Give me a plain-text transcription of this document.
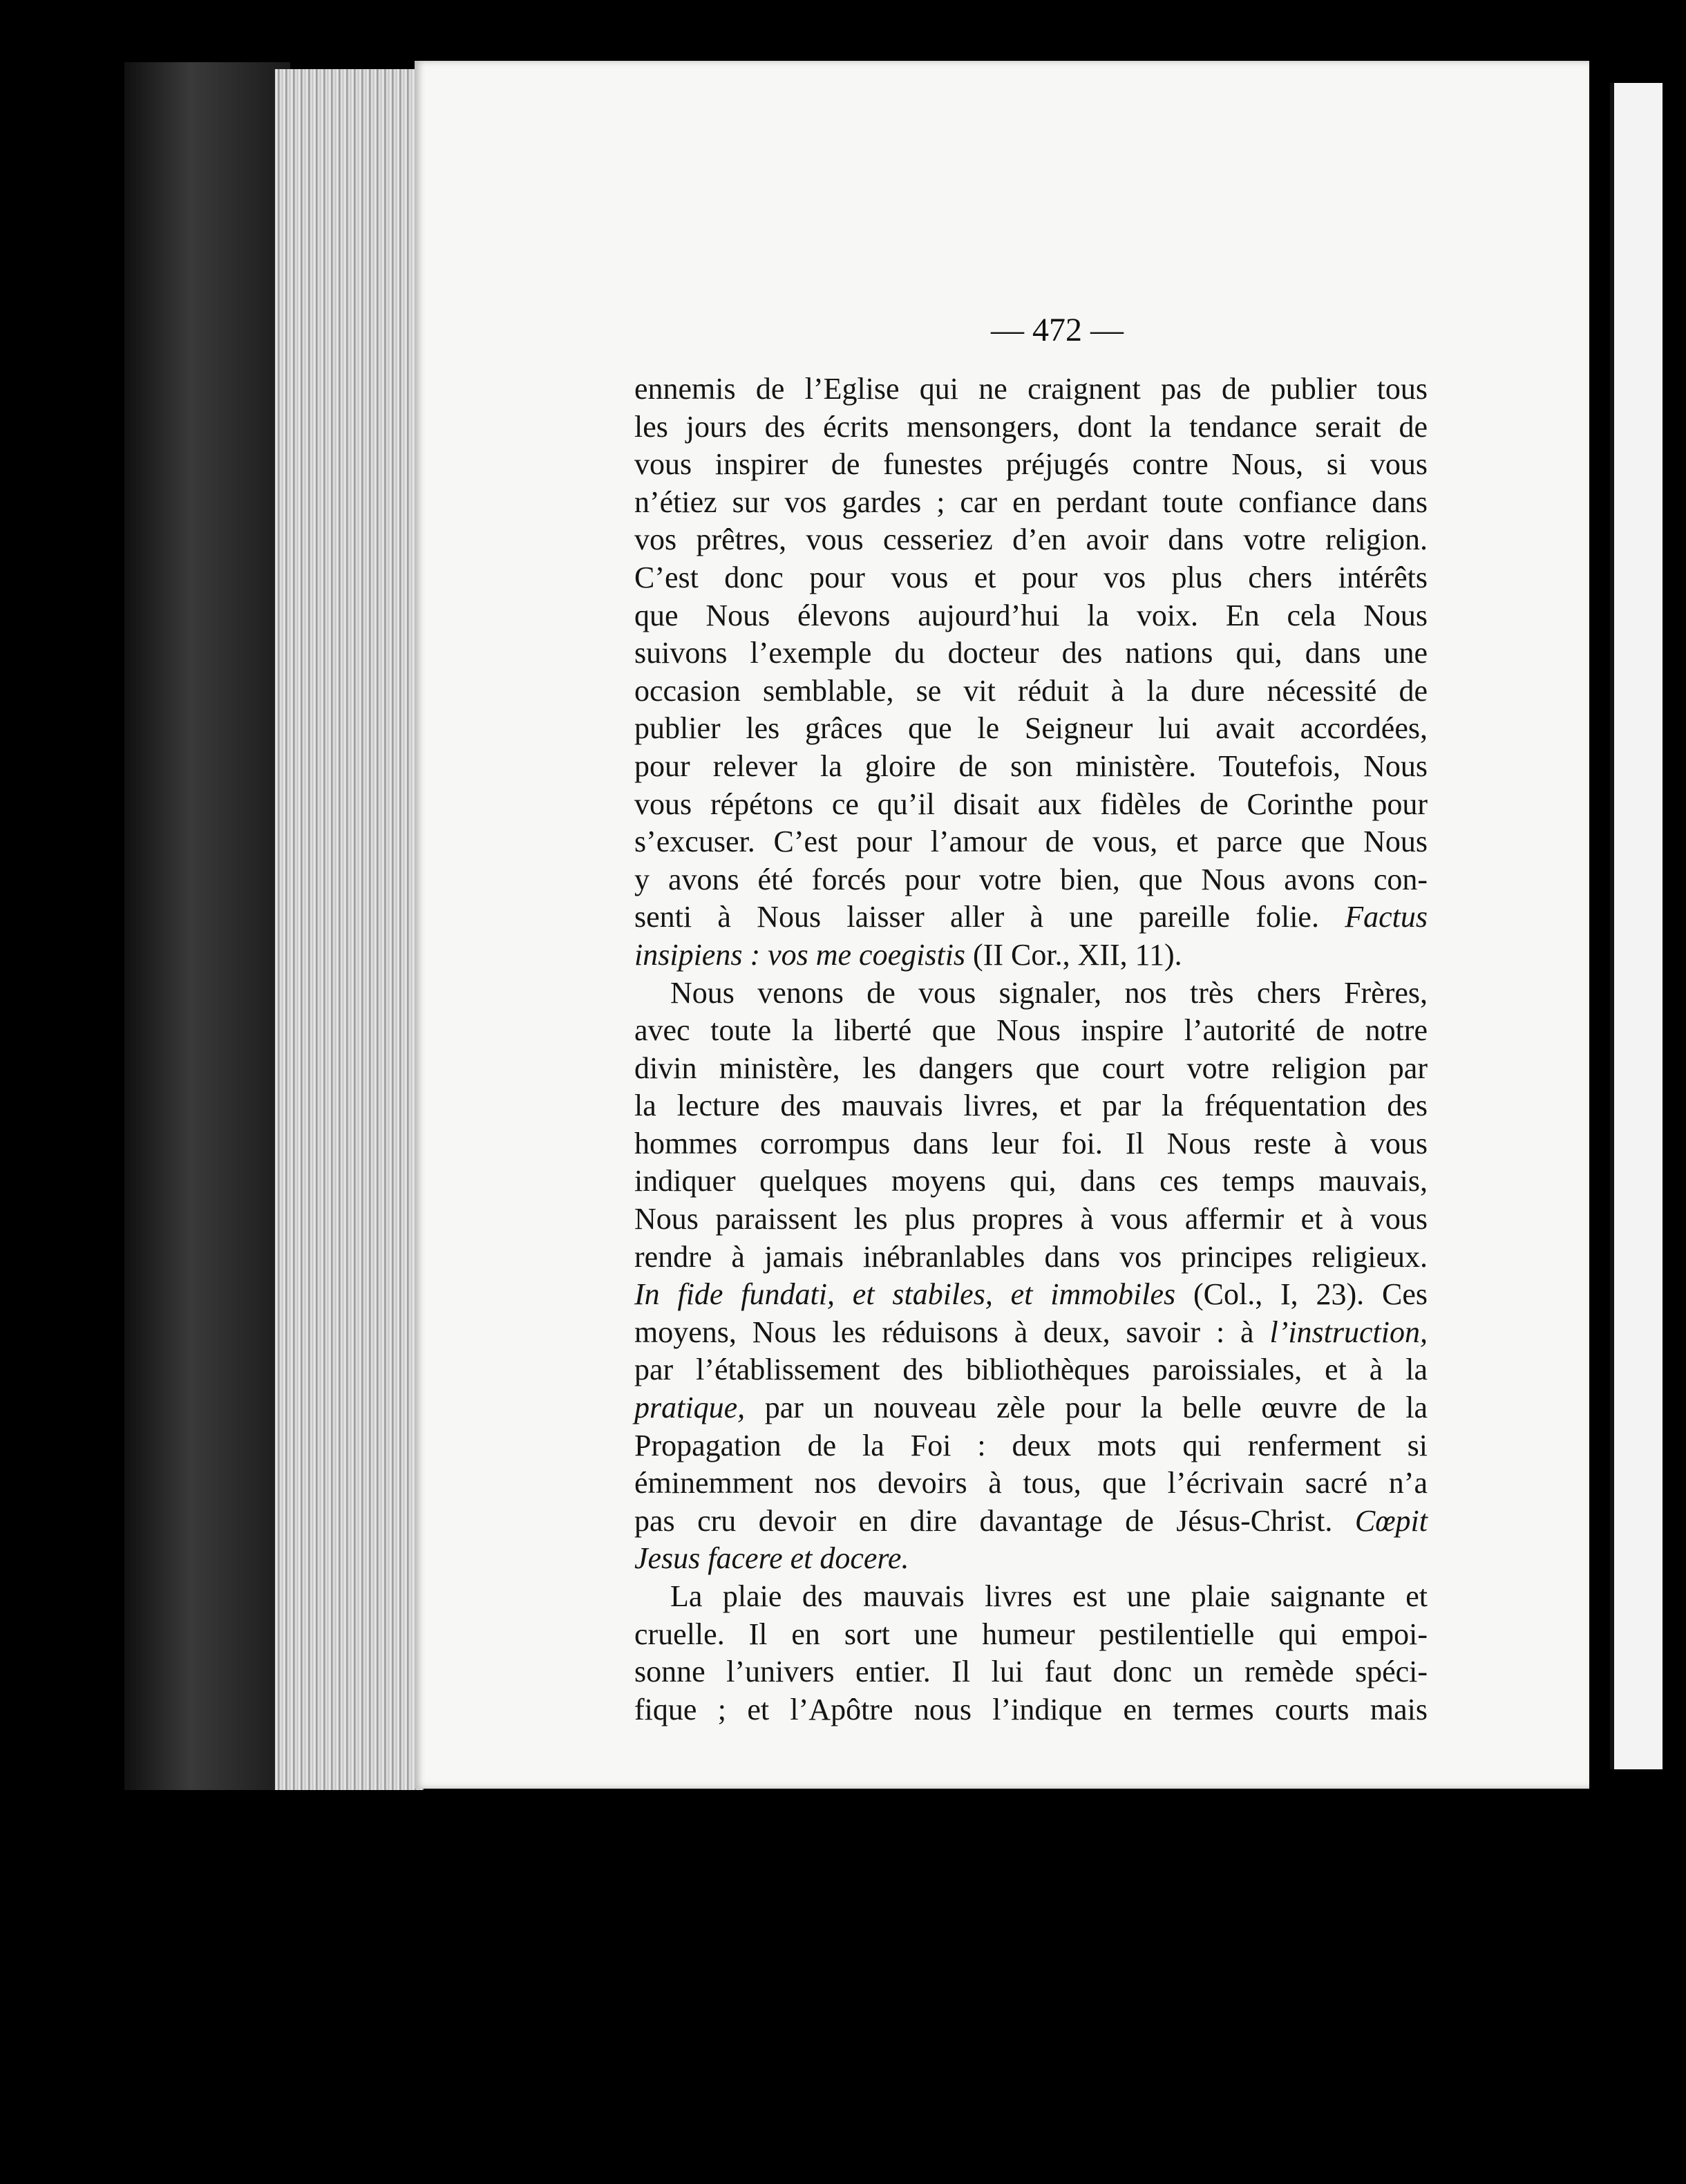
— 472 —
ennemis de l’Eglise qui ne craignent pas de publier tous
les jours des écrits mensongers, dont la tendance serait de
vous inspirer de funestes préjugés contre Nous, si vous
n’étiez sur vos gardes ; car en perdant toute confiance dans
vos prêtres, vous cesseriez d’en avoir dans votre religion.
C’est donc pour vous et pour vos plus chers intérêts
que Nous élevons aujourd’hui la voix. En cela Nous
suivons l’exemple du docteur des nations qui, dans une
occasion semblable, se vit réduit à la dure nécessité de
publier les grâces que le Seigneur lui avait accordées,
pour relever la gloire de son ministère. Toutefois, Nous
vous répétons ce qu’il disait aux fidèles de Corinthe pour
s’excuser. C’est pour l’amour de vous, et parce que Nous
y avons été forcés pour votre bien, que Nous avons con-
senti à Nous laisser aller à une pareille folie. Factus
insipiens : vos me coegistis (II Cor., XII, 11).
Nous venons de vous signaler, nos très chers Frères,
avec toute la liberté que Nous inspire l’autorité de notre
divin ministère, les dangers que court votre religion par
la lecture des mauvais livres, et par la fréquentation des
hommes corrompus dans leur foi. Il Nous reste à vous
indiquer quelques moyens qui, dans ces temps mauvais,
Nous paraissent les plus propres à vous affermir et à vous
rendre à jamais inébranlables dans vos principes religieux.
In fide fundati, et stabiles, et immobiles (Col., I, 23). Ces
moyens, Nous les réduisons à deux, savoir : à l’instruction,
par l’établissement des bibliothèques paroissiales, et à la
pratique, par un nouveau zèle pour la belle œuvre de la
Propagation de la Foi : deux mots qui renferment si
éminemment nos devoirs à tous, que l’écrivain sacré n’a
pas cru devoir en dire davantage de Jésus-Christ. Cœpit
Jesus facere et docere.
La plaie des mauvais livres est une plaie saignante et
cruelle. Il en sort une humeur pestilentielle qui empoi-
sonne l’univers entier. Il lui faut donc un remède spéci-
fique ; et l’Apôtre nous l’indique en termes courts mais
